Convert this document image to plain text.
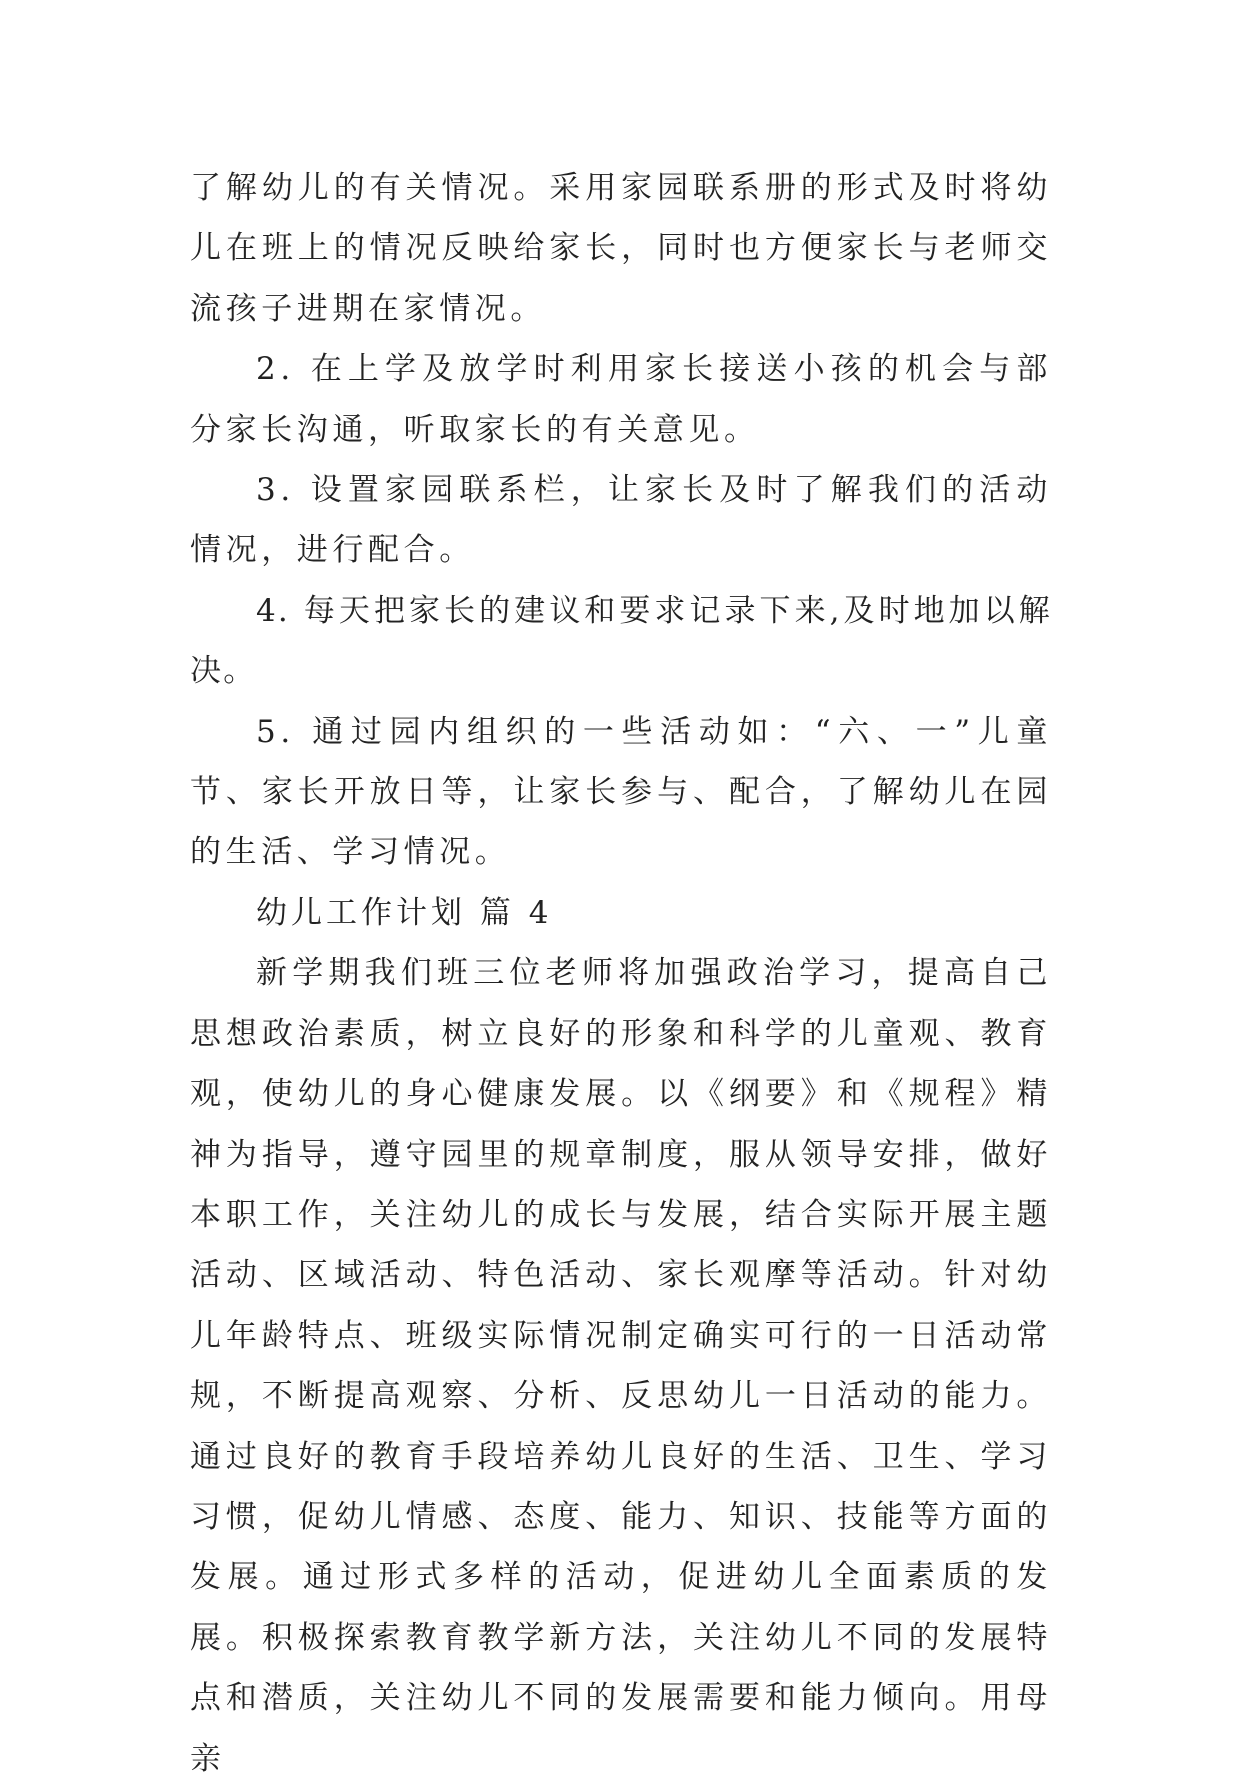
了解幼儿的有关情况。采用家园联系册的形式及时将幼儿在班上的情况反映给家长，同时也方便家长与老师交流孩子进期在家情况。

2. 在上学及放学时利用家长接送小孩的机会与部分家长沟通，听取家长的有关意见。

3. 设置家园联系栏，让家长及时了解我们的活动情况，进行配合。

4. 每天把家长的建议和要求记录下来,及时地加以解决。

5. 通过园内组织的一些活动如：“六、一”儿童节、家长开放日等，让家长参与、配合，了解幼儿在园的生活、学习情况。

幼儿工作计划 篇 4

新学期我们班三位老师将加强政治学习，提高自己思想政治素质，树立良好的形象和科学的儿童观、教育观，使幼儿的身心健康发展。以《纲要》和《规程》精神为指导，遵守园里的规章制度，服从领导安排，做好本职工作，关注幼儿的成长与发展，结合实际开展主题活动、区域活动、特色活动、家长观摩等活动。针对幼儿年龄特点、班级实际情况制定确实可行的一日活动常规，不断提高观察、分析、反思幼儿一日活动的能力。通过良好的教育手段培养幼儿良好的生活、卫生、学习习惯，促幼儿情感、态度、能力、知识、技能等方面的发展。通过形式多样的活动，促进幼儿全面素质的发展。积极探索教育教学新方法，关注幼儿不同的发展特点和潜质，关注幼儿不同的发展需要和能力倾向。用母亲
